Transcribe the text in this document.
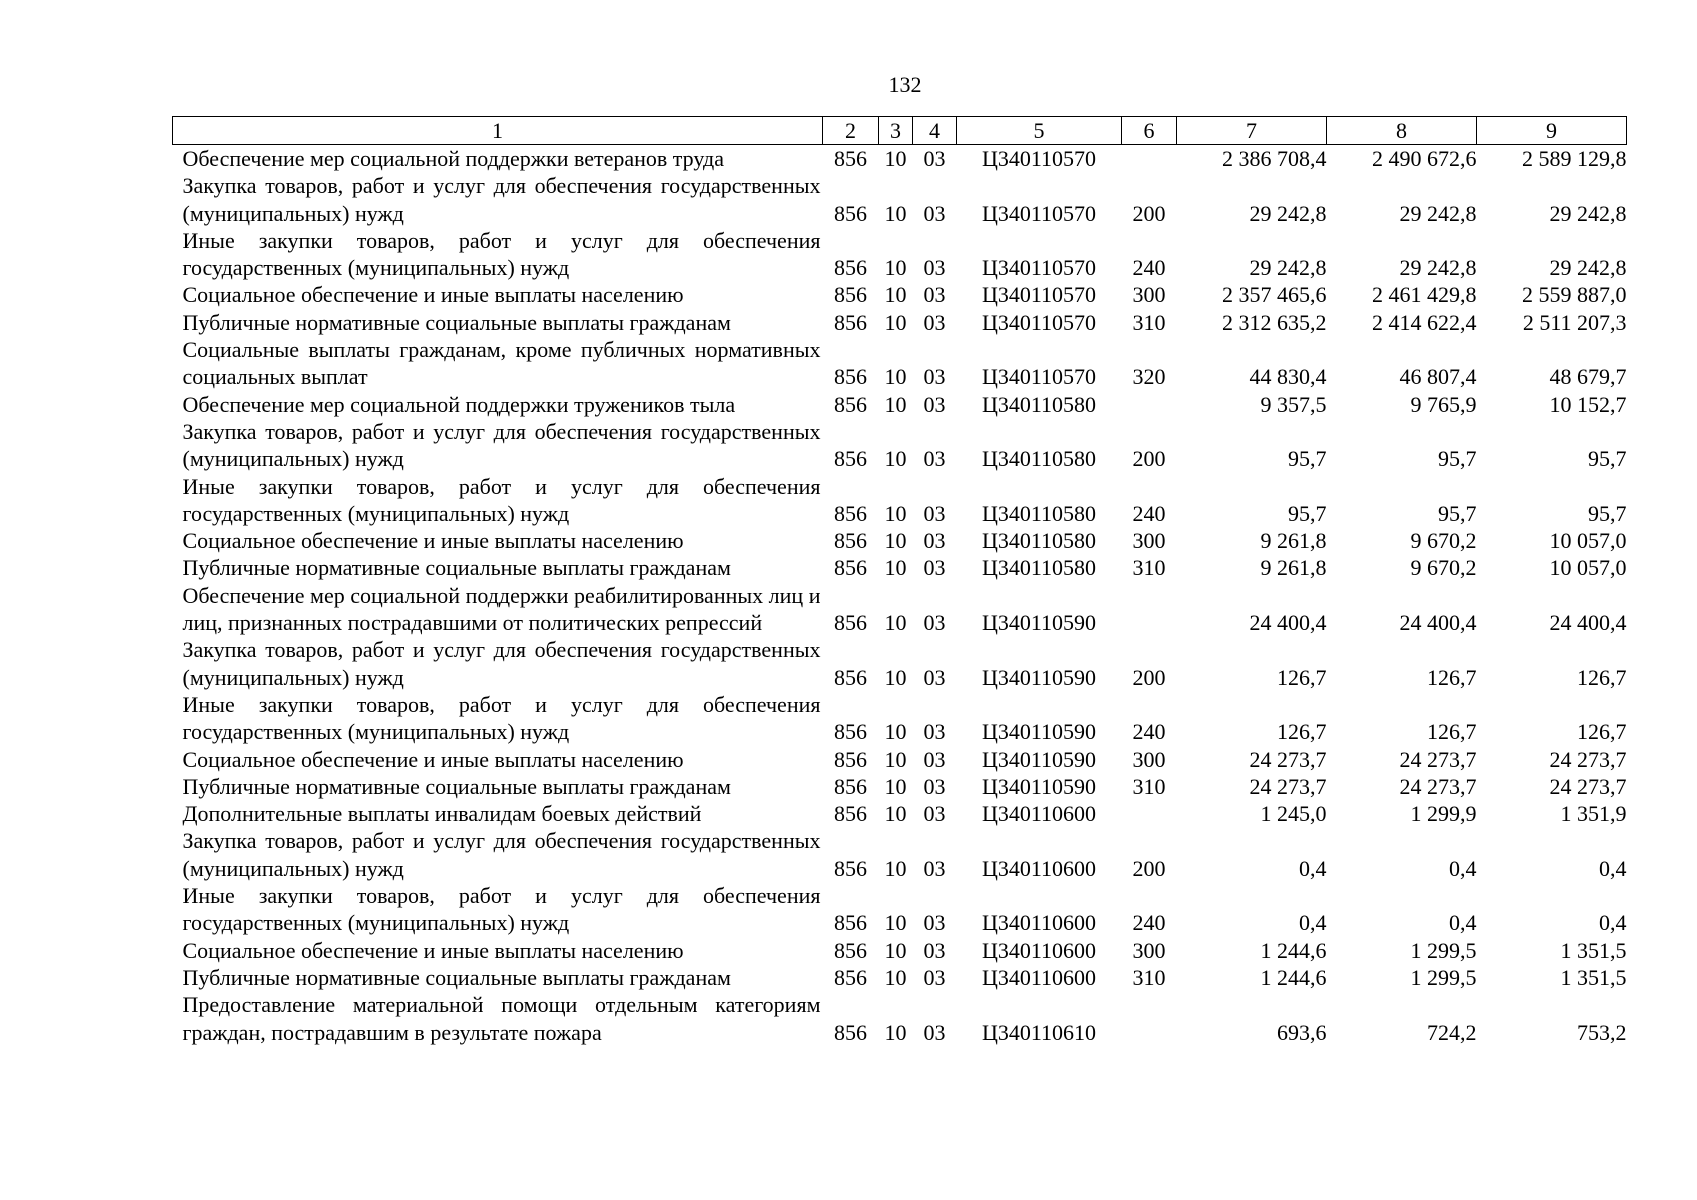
132
1	2	3	4	5	6	7	8	9
Обеспечение мер социальной поддержки ветеранов труда	856	10	03	Ц340110570		2 386 708,4	2 490 672,6	2 589 129,8
Закупка товаров, работ и услуг для обеспечения государственных (муниципальных) нужд	856	10	03	Ц340110570	200	29 242,8	29 242,8	29 242,8
Иные закупки товаров, работ и услуг для обеспечения государственных (муниципальных) нужд	856	10	03	Ц340110570	240	29 242,8	29 242,8	29 242,8
Социальное обеспечение и иные выплаты населению	856	10	03	Ц340110570	300	2 357 465,6	2 461 429,8	2 559 887,0
Публичные нормативные социальные выплаты гражданам	856	10	03	Ц340110570	310	2 312 635,2	2 414 622,4	2 511 207,3
Социальные выплаты гражданам, кроме публичных нормативных социальных выплат	856	10	03	Ц340110570	320	44 830,4	46 807,4	48 679,7
Обеспечение мер социальной поддержки тружеников тыла	856	10	03	Ц340110580		9 357,5	9 765,9	10 152,7
Закупка товаров, работ и услуг для обеспечения государственных (муниципальных) нужд	856	10	03	Ц340110580	200	95,7	95,7	95,7
Иные закупки товаров, работ и услуг для обеспечения государственных (муниципальных) нужд	856	10	03	Ц340110580	240	95,7	95,7	95,7
Социальное обеспечение и иные выплаты населению	856	10	03	Ц340110580	300	9 261,8	9 670,2	10 057,0
Публичные нормативные социальные выплаты гражданам	856	10	03	Ц340110580	310	9 261,8	9 670,2	10 057,0
Обеспечение мер социальной поддержки реабилитированных лиц и лиц, признанных пострадавшими от политических репрессий	856	10	03	Ц340110590		24 400,4	24 400,4	24 400,4
Закупка товаров, работ и услуг для обеспечения государственных (муниципальных) нужд	856	10	03	Ц340110590	200	126,7	126,7	126,7
Иные закупки товаров, работ и услуг для обеспечения государственных (муниципальных) нужд	856	10	03	Ц340110590	240	126,7	126,7	126,7
Социальное обеспечение и иные выплаты населению	856	10	03	Ц340110590	300	24 273,7	24 273,7	24 273,7
Публичные нормативные социальные выплаты гражданам	856	10	03	Ц340110590	310	24 273,7	24 273,7	24 273,7
Дополнительные выплаты инвалидам боевых действий	856	10	03	Ц340110600		1 245,0	1 299,9	1 351,9
Закупка товаров, работ и услуг для обеспечения государственных (муниципальных) нужд	856	10	03	Ц340110600	200	0,4	0,4	0,4
Иные закупки товаров, работ и услуг для обеспечения государственных (муниципальных) нужд	856	10	03	Ц340110600	240	0,4	0,4	0,4
Социальное обеспечение и иные выплаты населению	856	10	03	Ц340110600	300	1 244,6	1 299,5	1 351,5
Публичные нормативные социальные выплаты гражданам	856	10	03	Ц340110600	310	1 244,6	1 299,5	1 351,5
Предоставление материальной помощи отдельным категориям граждан, пострадавшим в результате пожара	856	10	03	Ц340110610		693,6	724,2	753,2
